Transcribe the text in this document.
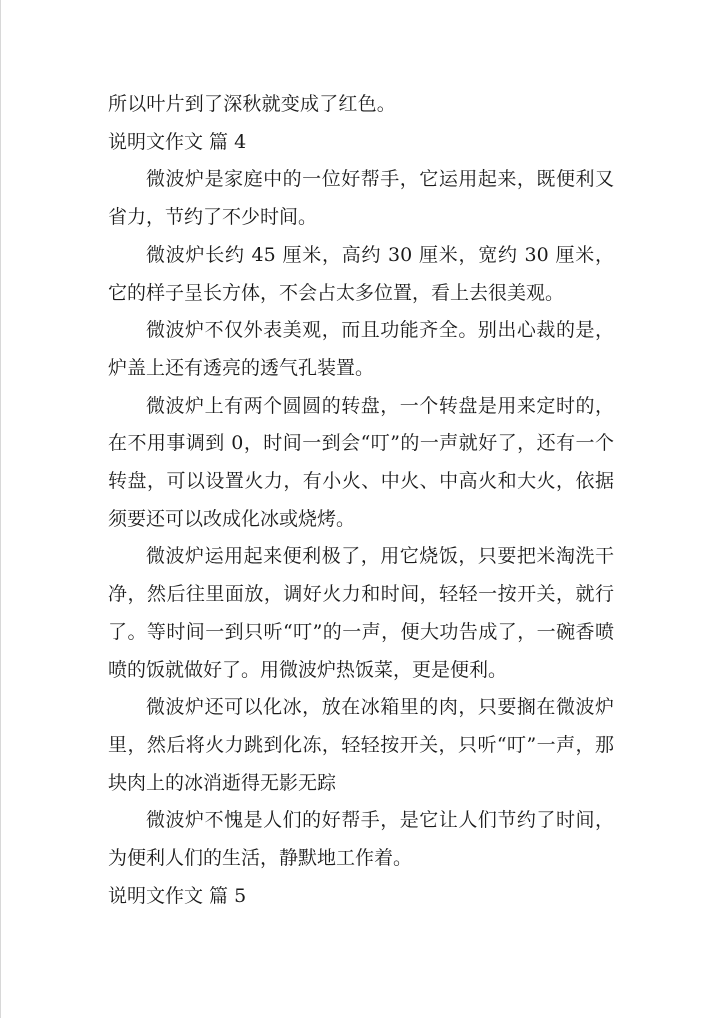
所以叶片到了深秋就变成了红色。
说明文作文 篇 4

微波炉是家庭中的一位好帮手，它运用起来，既便利又省力，节约了不少时间。

微波炉长约 45 厘米，高约 30 厘米，宽约 30 厘米，它的样子呈长方体，不会占太多位置，看上去很美观。

微波炉不仅外表美观，而且功能齐全。别出心裁的是，炉盖上还有透亮的透气孔装置。

微波炉上有两个圆圆的转盘，一个转盘是用来定时的，在不用事调到 0，时间一到会“叮”的一声就好了，还有一个转盘，可以设置火力，有小火、中火、中高火和大火，依据须要还可以改成化冰或烧烤。

微波炉运用起来便利极了，用它烧饭，只要把米淘洗干净，然后往里面放，调好火力和时间，轻轻一按开关，就行了。等时间一到只听“叮”的一声，便大功告成了，一碗香喷喷的饭就做好了。用微波炉热饭菜，更是便利。

微波炉还可以化冰，放在冰箱里的肉，只要搁在微波炉里，然后将火力跳到化冻，轻轻按开关，只听“叮”一声，那块肉上的冰消逝得无影无踪

微波炉不愧是人们的好帮手，是它让人们节约了时间，为便利人们的生活，静默地工作着。

说明文作文 篇 5
